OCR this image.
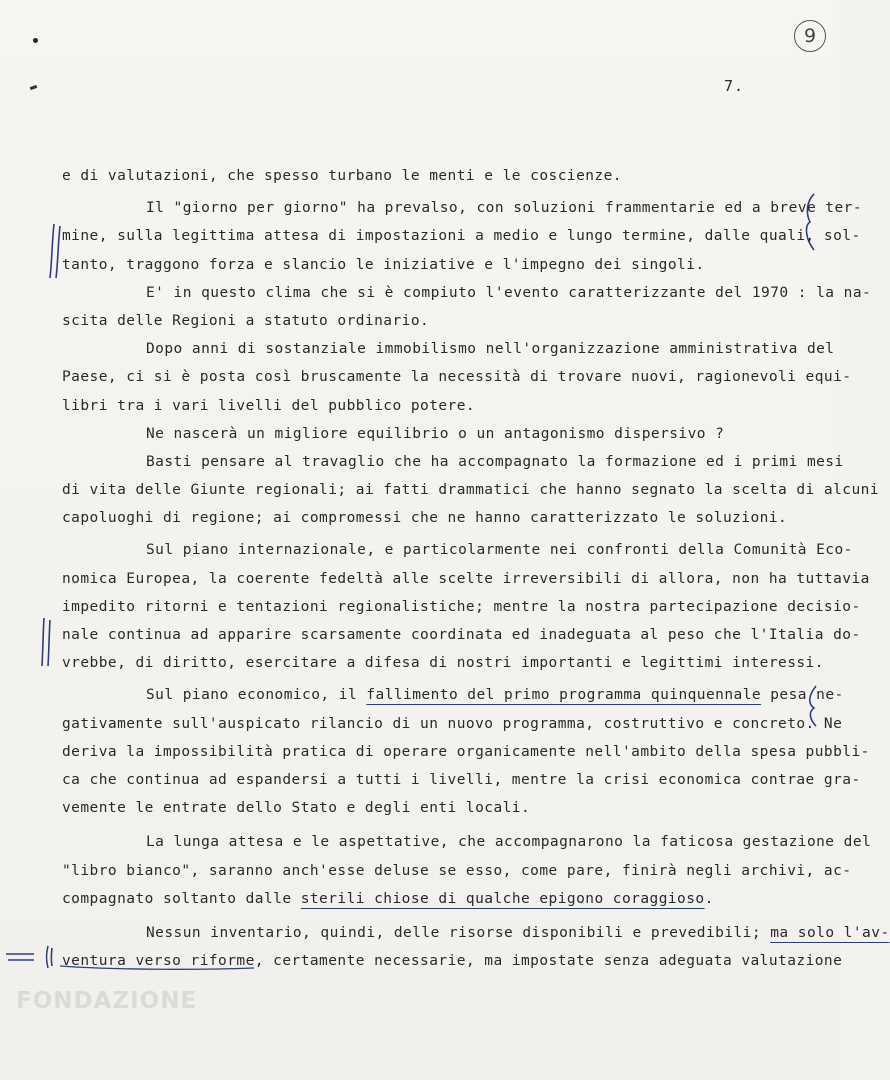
9
7.
e di valutazioni, che spesso turbano le menti e le coscienze.
Il "giorno per giorno" ha prevalso, con soluzioni frammentarie ed a breve ter-
mine, sulla legittima attesa di impostazioni a medio e lungo termine, dalle quali, sol-
tanto, traggono forza e slancio le iniziative e l'impegno dei singoli.
E' in questo clima che si è compiuto l'evento caratterizzante del 1970 : la na-
scita delle Regioni a statuto ordinario.
Dopo anni di sostanziale immobilismo nell'organizzazione amministrativa del
Paese, ci si è posta così bruscamente la necessità di trovare nuovi, ragionevoli equi-
libri tra i vari livelli del pubblico potere.
Ne nascerà un migliore equilibrio o un antagonismo dispersivo ?
Basti pensare al travaglio che ha accompagnato la formazione ed i primi mesi
di vita delle Giunte regionali; ai fatti drammatici che hanno segnato la scelta di alcuni
capoluoghi di regione; ai compromessi che ne hanno caratterizzato le soluzioni.
Sul piano internazionale, e particolarmente nei confronti della Comunità Eco-
nomica Europea, la coerente fedeltà alle scelte irreversibili di allora, non ha tuttavia
impedito ritorni e tentazioni regionalistiche; mentre la nostra partecipazione decisio-
nale continua ad apparire scarsamente coordinata ed inadeguata al peso che l'Italia do-
vrebbe, di diritto, esercitare a difesa di nostri importanti e legittimi interessi.
Sul piano economico, il fallimento del primo programma quinquennale pesa ne-
gativamente sull'auspicato rilancio di un nuovo programma, costruttivo e concreto. Ne
deriva la impossibilità pratica di operare organicamente nell'ambito della spesa pubbli-
ca che continua ad espandersi a tutti i livelli, mentre la crisi economica contrae gra-
vemente le entrate dello Stato e degli enti locali.
La lunga attesa e le aspettative, che accompagnarono la faticosa gestazione del
"libro bianco", saranno anch'esse deluse se esso, come pare, finirà negli archivi, ac-
compagnato soltanto dalle sterili chiose di qualche epigono coraggioso.
Nessun inventario, quindi, delle risorse disponibili e prevedibili; ma solo l'av-
ventura verso riforme, certamente necessarie, ma impostate senza adeguata valutazione
FONDAZIONE
